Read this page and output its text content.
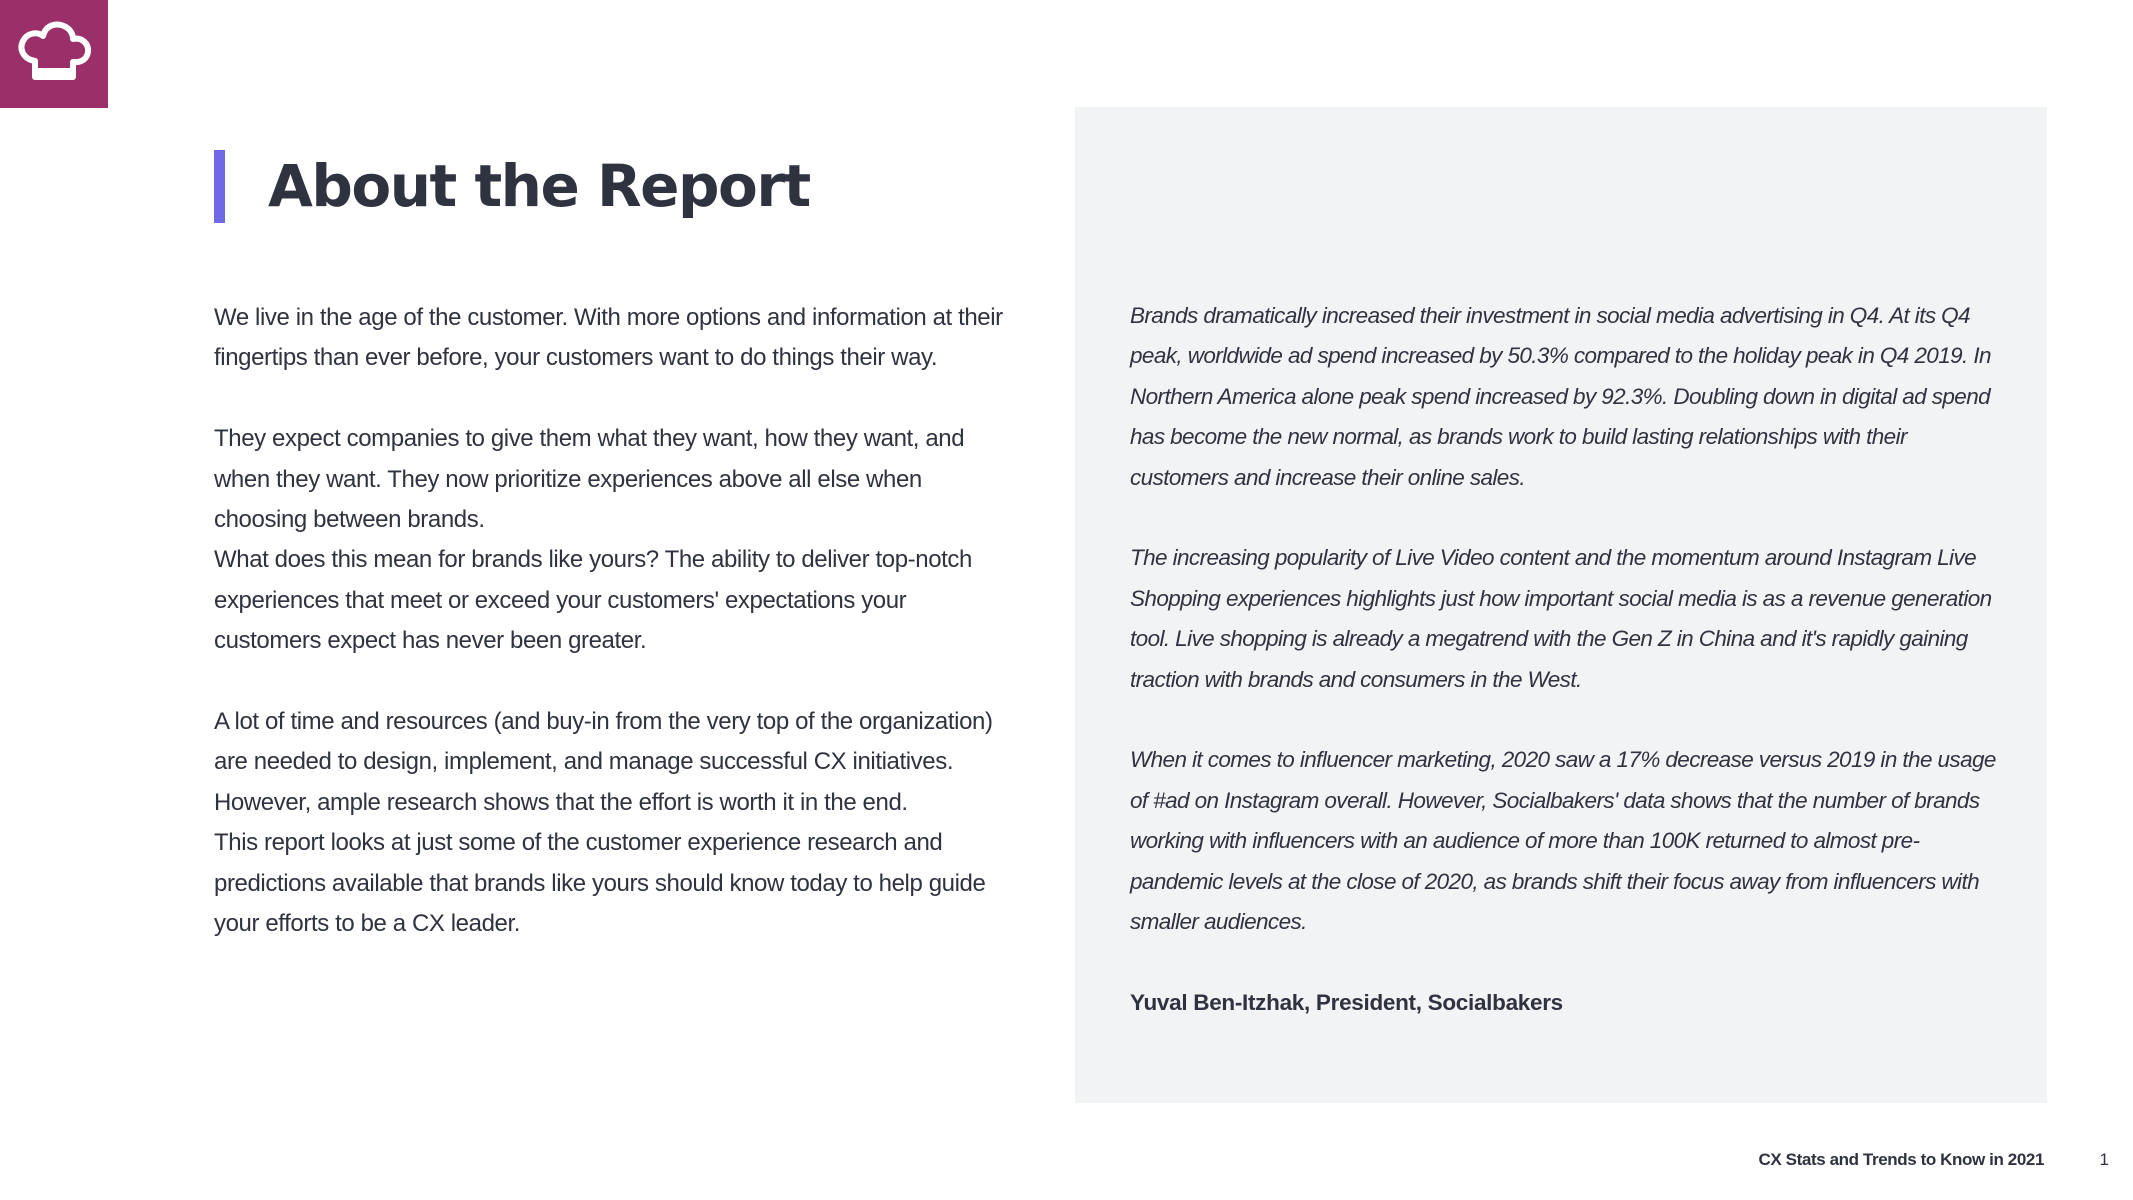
About the Report

We live in the age of the customer. With more options and information at their fingertips than ever before, your customers want to do things their way.

They expect companies to give them what they want, how they want, and when they want. They now prioritize experiences above all else when choosing between brands.

What does this mean for brands like yours? The ability to deliver top-notch experiences that meet or exceed your customers' expectations your customers expect has never been greater.

A lot of time and resources (and buy-in from the very top of the organization) are needed to design, implement, and manage successful CX initiatives. However, ample research shows that the effort is worth it in the end.

This report looks at just some of the customer experience research and predictions available that brands like yours should know today to help guide your efforts to be a CX leader.

Brands dramatically increased their investment in social media advertising in Q4. At its Q4 peak, worldwide ad spend increased by 50.3% compared to the holiday peak in Q4 2019. In Northern America alone peak spend increased by 92.3%. Doubling down in digital ad spend has become the new normal, as brands work to build lasting relationships with their customers and increase their online sales.

The increasing popularity of Live Video content and the momentum around Instagram Live Shopping experiences highlights just how important social media is as a revenue generation tool. Live shopping is already a megatrend with the Gen Z in China and it's rapidly gaining traction with brands and consumers in the West.

When it comes to influencer marketing, 2020 saw a 17% decrease versus 2019 in the usage of #ad on Instagram overall. However, Socialbakers' data shows that the number of brands working with influencers with an audience of more than 100K returned to almost pre-pandemic levels at the close of 2020, as brands shift their focus away from influencers with smaller audiences.

Yuval Ben-Itzhak, President, Socialbakers

CX Stats and Trends to Know in 2021	1
